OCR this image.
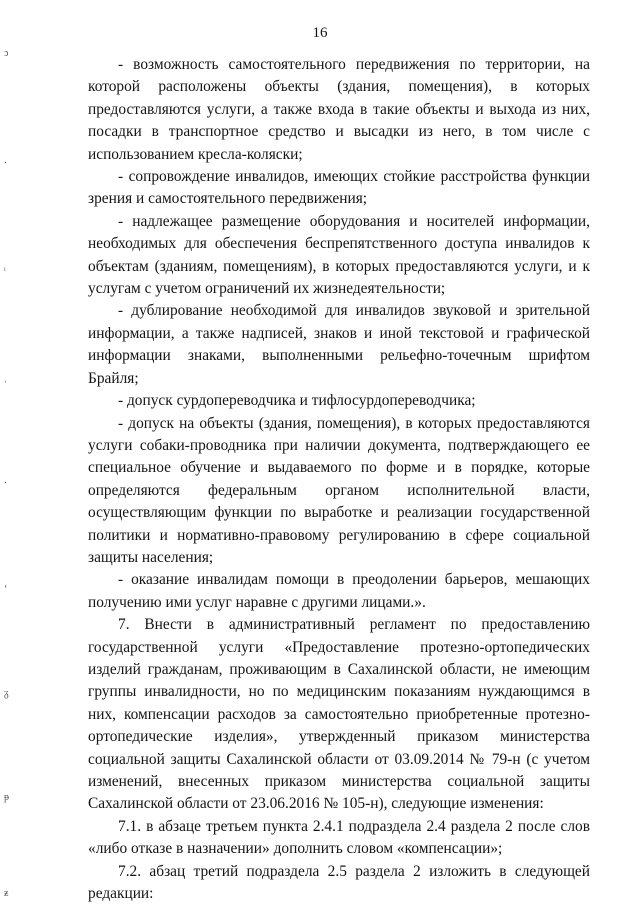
16
ͻ
·
ᵢ
ͺ
·
ʻ
ᵹ
ᵽ
ᵶ

- возможность самостоятельного передвижения по территории, на которой расположены объекты (здания, помещения), в которых предоставляются услуги, а также входа в такие объекты и выхода из них, посадки в транспортное средство и высадки из него, в том числе с использованием кресла-коляски;

- сопровождение инвалидов, имеющих стойкие расстройства функции зрения и самостоятельного передвижения;

- надлежащее размещение оборудования и носителей информации, необходимых для обеспечения беспрепятственного доступа инвалидов к объектам (зданиям, помещениям), в которых предоставляются услуги, и к услугам с учетом ограничений их жизнедеятельности;

- дублирование необходимой для инвалидов звуковой и зрительной информации, а также надписей, знаков и иной текстовой и графической информации знаками, выполненными рельефно-точечным шрифтом Брайля;

- допуск сурдопереводчика и тифлосурдопереводчика;

- допуск на объекты (здания, помещения), в которых предоставляются услуги собаки-проводника при наличии документа, подтверждающего ее специальное обучение и выдаваемого по форме и в порядке, которые определяются федеральным органом исполнительной власти, осуществляющим функции по выработке и реализации государственной политики и нормативно-правовому регулированию в сфере социальной защиты населения;

- оказание инвалидам помощи в преодолении барьеров, мешающих получению ими услуг наравне с другими лицами.».

7. Внести в административный регламент по предоставлению государственной услуги «Предоставление протезно-ортопедических изделий гражданам, проживающим в Сахалинской области, не имеющим группы инвалидности, но по медицинским показаниям нуждающимся в них, компенсации расходов за самостоятельно приобретенные протезно-ортопедические изделия», утвержденный приказом министерства социальной защиты Сахалинской области от 03.09.2014 № 79-н (с учетом изменений, внесенных приказом министерства социальной защиты Сахалинской области от 23.06.2016 № 105-н), следующие изменения:

7.1. в абзаце третьем пункта 2.4.1 подраздела 2.4 раздела 2 после слов «либо отказе в назначении» дополнить словом «компенсации»;

7.2. абзац третий подраздела 2.5 раздела 2 изложить в следующей редакции:
